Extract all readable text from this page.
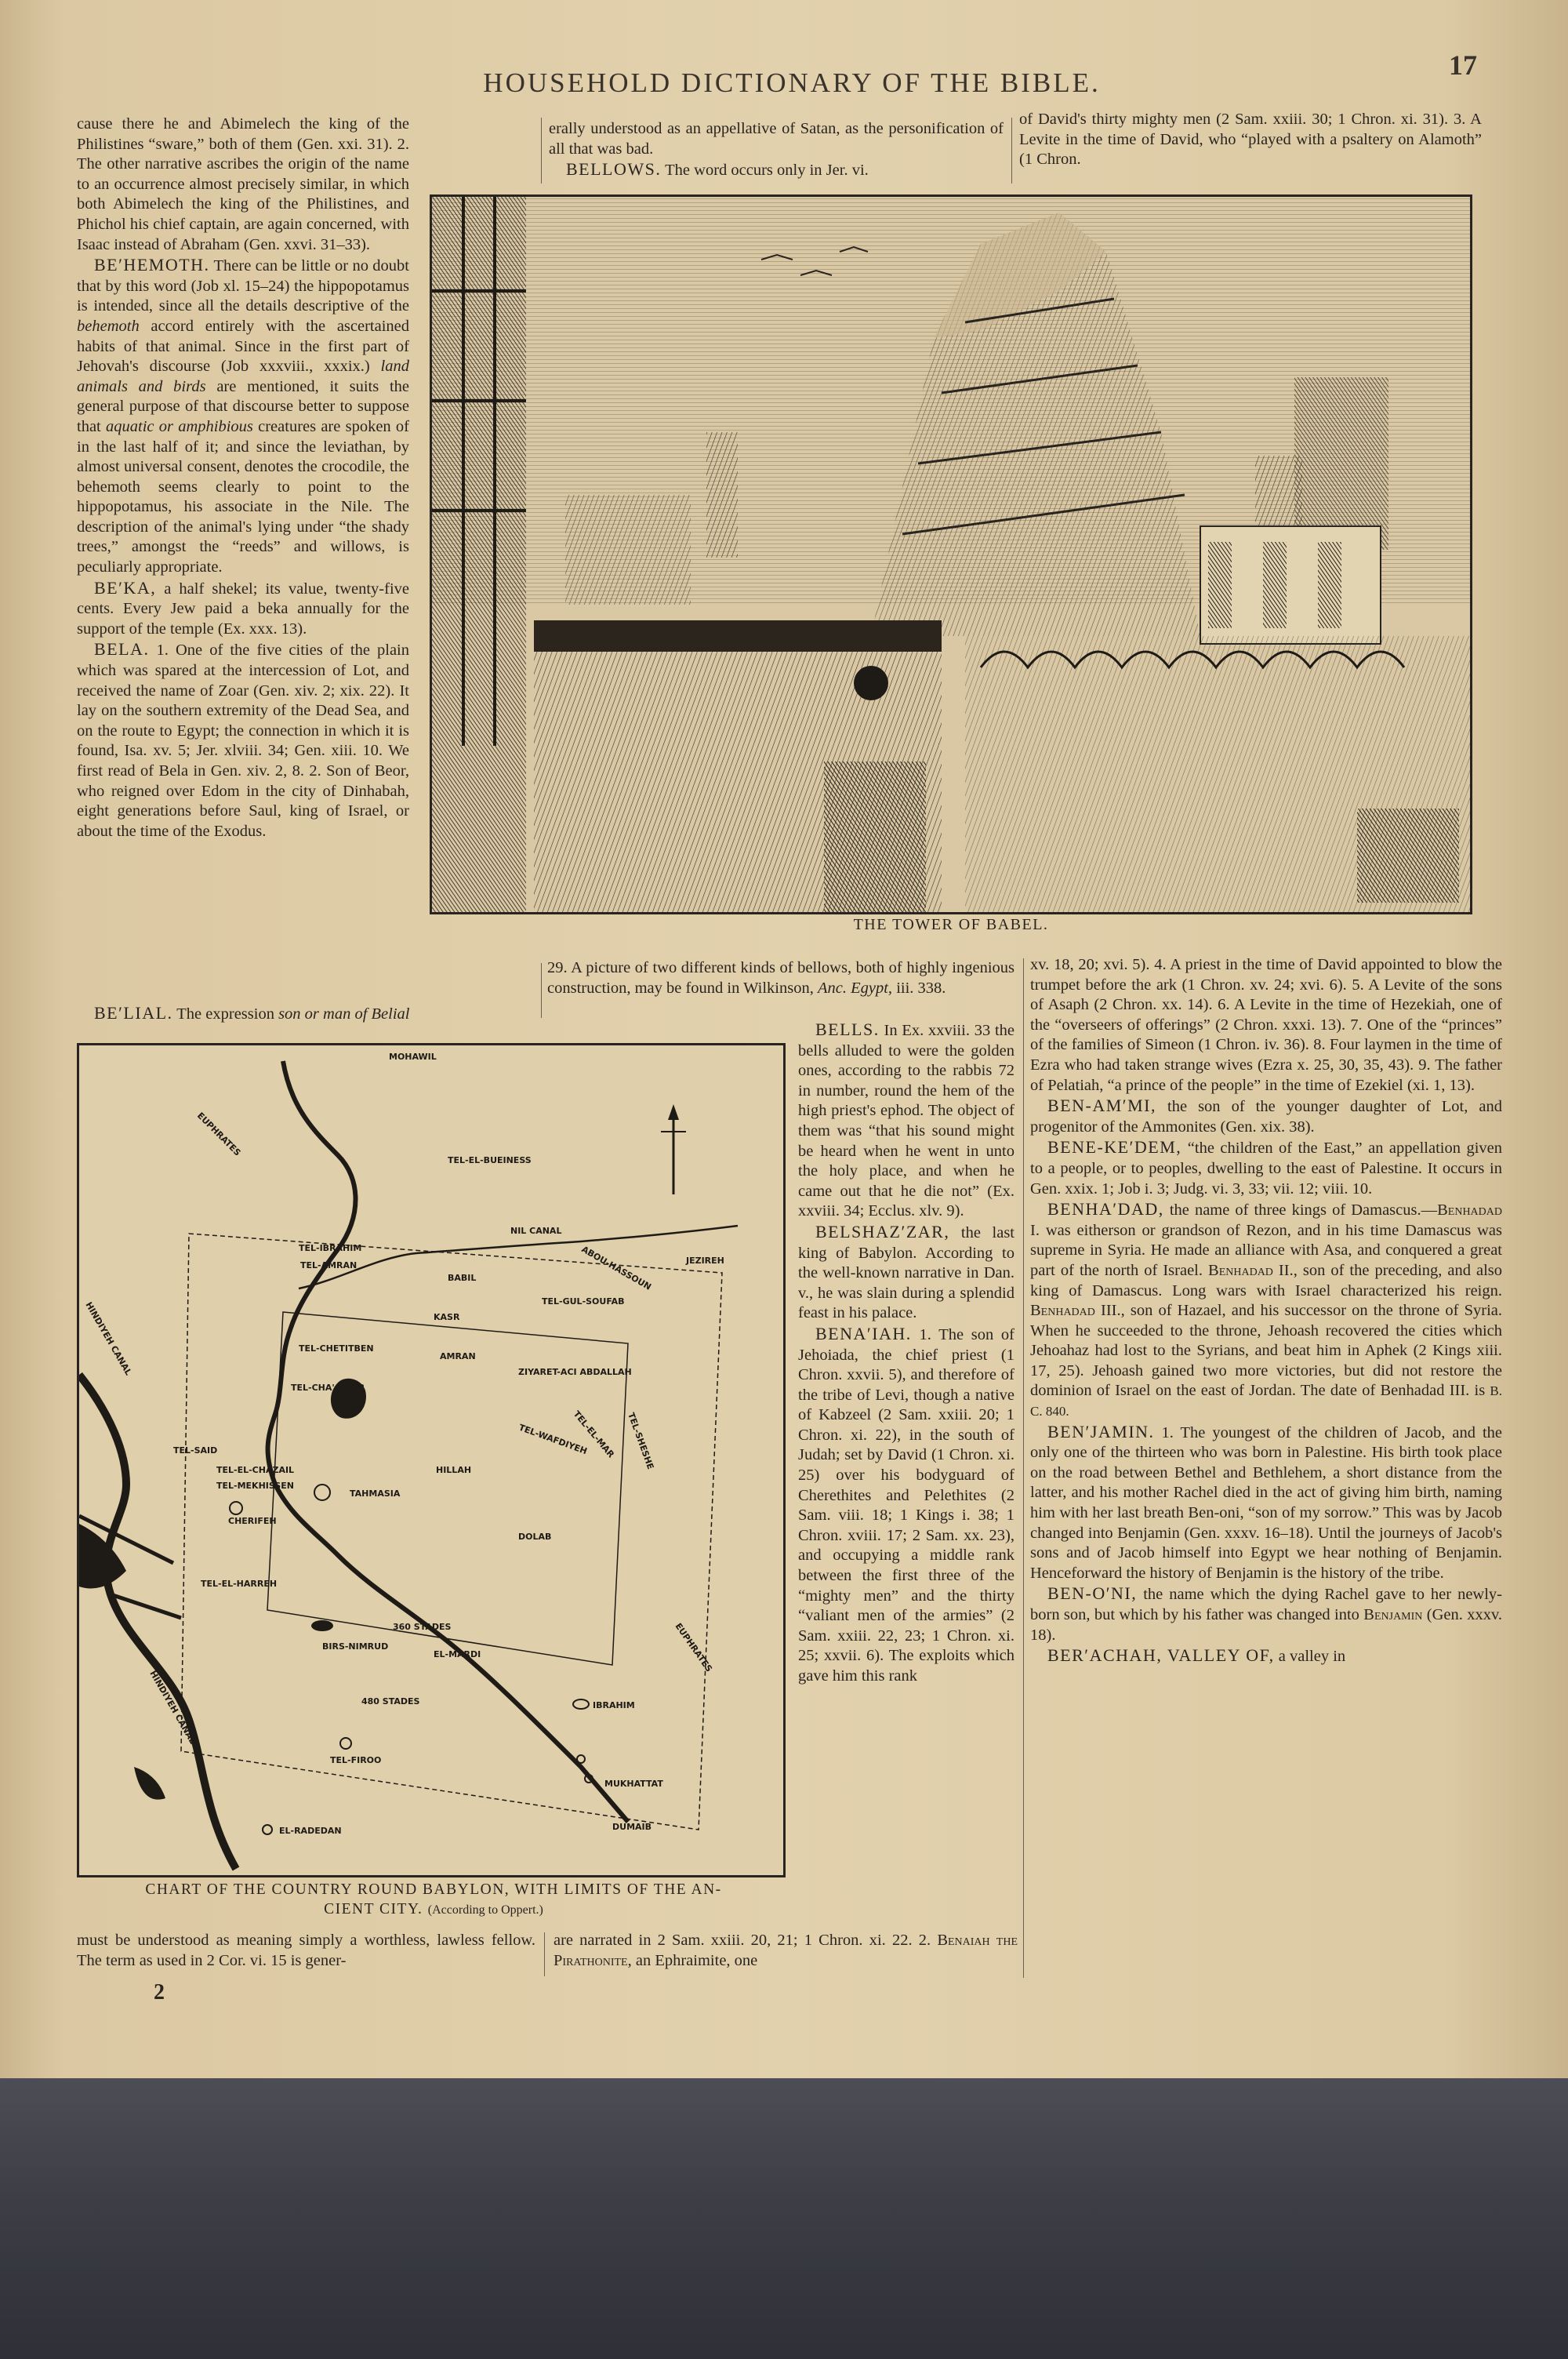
HOUSEHOLD DICTIONARY OF THE BIBLE.
17

cause there he and Abimelech the king of the Philistines “sware,” both of them (Gen. xxi. 31). 2. The other narrative ascribes the origin of the name to an occurrence almost precisely similar, in which both Abimelech the king of the Philistines, and Phichol his chief captain, are again concerned, with Isaac instead of Abraham (Gen. xxvi. 31–33).

BE′HEMOTH. There can be little or no doubt that by this word (Job xl. 15–24) the hippopotamus is intended, since all the details descriptive of the behemoth accord entirely with the ascertained habits of that animal. Since in the first part of Jehovah's discourse (Job xxxviii., xxxix.) land animals and birds are mentioned, it suits the general purpose of that discourse better to suppose that aquatic or amphibious creatures are spoken of in the last half of it; and since the leviathan, by almost universal consent, denotes the crocodile, the behemoth seems clearly to point to the hippopotamus, his associate in the Nile. The description of the animal's lying under “the shady trees,” amongst the “reeds” and willows, is peculiarly appropriate.

BE′KA, a half shekel; its value, twenty-five cents. Every Jew paid a beka annually for the support of the temple (Ex. xxx. 13).

BELA. 1. One of the five cities of the plain which was spared at the intercession of Lot, and received the name of Zoar (Gen. xiv. 2; xix. 22). It lay on the southern extremity of the Dead Sea, and on the route to Egypt; the connection in which it is found, Isa. xv. 5; Jer. xlviii. 34; Gen. xiii. 10. We first read of Bela in Gen. xiv. 2, 8. 2. Son of Beor, who reigned over Edom in the city of Dinhabah, eight generations before Saul, king of Israel, or about the time of the Exodus.

BE′LIAL. The expression son or man of Belial

erally understood as an appellative of Satan, as the personification of all that was bad.

BELLOWS. The word occurs only in Jer. vi.

of David's thirty mighty men (2 Sam. xxiii. 30; 1 Chron. xi. 31). 3. A Levite in the time of David, who “played with a psaltery on Alamoth” (1 Chron.

THE TOWER OF BABEL.

29. A picture of two different kinds of bellows, both of highly ingenious construction, may be found in Wilkinson, Anc. Egypt, iii. 338.

MOHAWIL
TEL-EL-BUEINESS
EUPHRATES
NIL CANAL
ABOU-HASSOUN	JEZIREH
TEL-IBRAHIM
TEL-AMRAN
BABIL
KASR
TEL-GUL-SOUFAB
TEL-CHETITBEN
AMRAN
ZIYARET-ACI ABDALLAH
TEL-CHA'ALLER
TEL-WAFDIYEH
TEL-EL-MAR TEL-SHESHE
HINDIYEH CANAL
TEL-SAID
TEL-EL-CHAZAIL
TEL-MEKHISSEN
TAHMASIA
HILLAH
CHERIFEH
DOLAB
TEL-EL-HARREH
360 STADES
BIRS-NIMRUD
EL-MARDI	EUPHRATES
480 STADES	IBRAHIM
HINDIYEH CANAL
TEL-FIROO
MUKHATTAT
EL-RADEDAN	DUMAIB
CHART OF THE COUNTRY ROUND BABYLON, WITH LIMITS OF THE AN-
CIENT CITY. (According to Oppert.)

BELLS. In Ex. xxviii. 33 the bells alluded to were the golden ones, according to the rabbis 72 in number, round the hem of the high priest's ephod. The object of them was “that his sound might be heard when he went in unto the holy place, and when he came out that he die not” (Ex. xxviii. 34; Ecclus. xlv. 9).

BELSHAZ′ZAR, the last king of Babylon. According to the well-known narrative in Dan. v., he was slain during a splendid feast in his palace.

BENA′IAH. 1. The son of Jehoiada, the chief priest (1 Chron. xxvii. 5), and therefore of the tribe of Levi, though a native of Kabzeel (2 Sam. xxiii. 20; 1 Chron. xi. 22), in the south of Judah; set by David (1 Chron. xi. 25) over his bodyguard of Cherethites and Pelethites (2 Sam. viii. 18; 1 Kings i. 38; 1 Chron. xviii. 17; 2 Sam. xx. 23), and occupying a middle rank between the first three of the “mighty men” and the thirty “valiant men of the armies” (2 Sam. xxiii. 22, 23; 1 Chron. xi. 25; xxvii. 6). The exploits which gave him this rank

must be understood as meaning simply a worthless, lawless fellow. The term as used in 2 Cor. vi. 15 is gener-

are narrated in 2 Sam. xxiii. 20, 21; 1 Chron. xi. 22. 2. Benaiah the Pirathonite, an Ephraimite, one

xv. 18, 20; xvi. 5). 4. A priest in the time of David appointed to blow the trumpet before the ark (1 Chron. xv. 24; xvi. 6). 5. A Levite of the sons of Asaph (2 Chron. xx. 14). 6. A Levite in the time of Hezekiah, one of the “overseers of offerings” (2 Chron. xxxi. 13). 7. One of the “princes” of the families of Simeon (1 Chron. iv. 36). 8. Four laymen in the time of Ezra who had taken strange wives (Ezra x. 25, 30, 35, 43). 9. The father of Pelatiah, “a prince of the people” in the time of Ezekiel (xi. 1, 13).

BEN-AM′MI, the son of the younger daughter of Lot, and progenitor of the Ammonites (Gen. xix. 38).

BENE-KE′DEM, “the children of the East,” an appellation given to a people, or to peoples, dwelling to the east of Palestine. It occurs in Gen. xxix. 1; Job i. 3; Judg. vi. 3, 33; vii. 12; viii. 10.

BENHA′DAD, the name of three kings of Damascus.—Benhadad I. was eitherson or grandson of Rezon, and in his time Damascus was supreme in Syria. He made an alliance with Asa, and conquered a great part of the north of Israel. Benhadad II., son of the preceding, and also king of Damascus. Long wars with Israel characterized his reign. Benhadad III., son of Hazael, and his successor on the throne of Syria. When he succeeded to the throne, Jehoash recovered the cities which Jehoahaz had lost to the Syrians, and beat him in Aphek (2 Kings xiii. 17, 25). Jehoash gained two more victories, but did not restore the dominion of Israel on the east of Jordan. The date of Benhadad III. is B. C. 840.

BEN′JAMIN. 1. The youngest of the children of Jacob, and the only one of the thirteen who was born in Palestine. His birth took place on the road between Bethel and Bethlehem, a short distance from the latter, and his mother Rachel died in the act of giving him birth, naming him with her last breath Ben-oni, “son of my sorrow.” This was by Jacob changed into Benjamin (Gen. xxxv. 16–18). Until the journeys of Jacob's sons and of Jacob himself into Egypt we hear nothing of Benjamin. Henceforward the history of Benjamin is the history of the tribe.

BEN-O′NI, the name which the dying Rachel gave to her newly-born son, but which by his father was changed into Benjamin (Gen. xxxv. 18).

BER′ACHAH, VALLEY OF, a valley in

2
